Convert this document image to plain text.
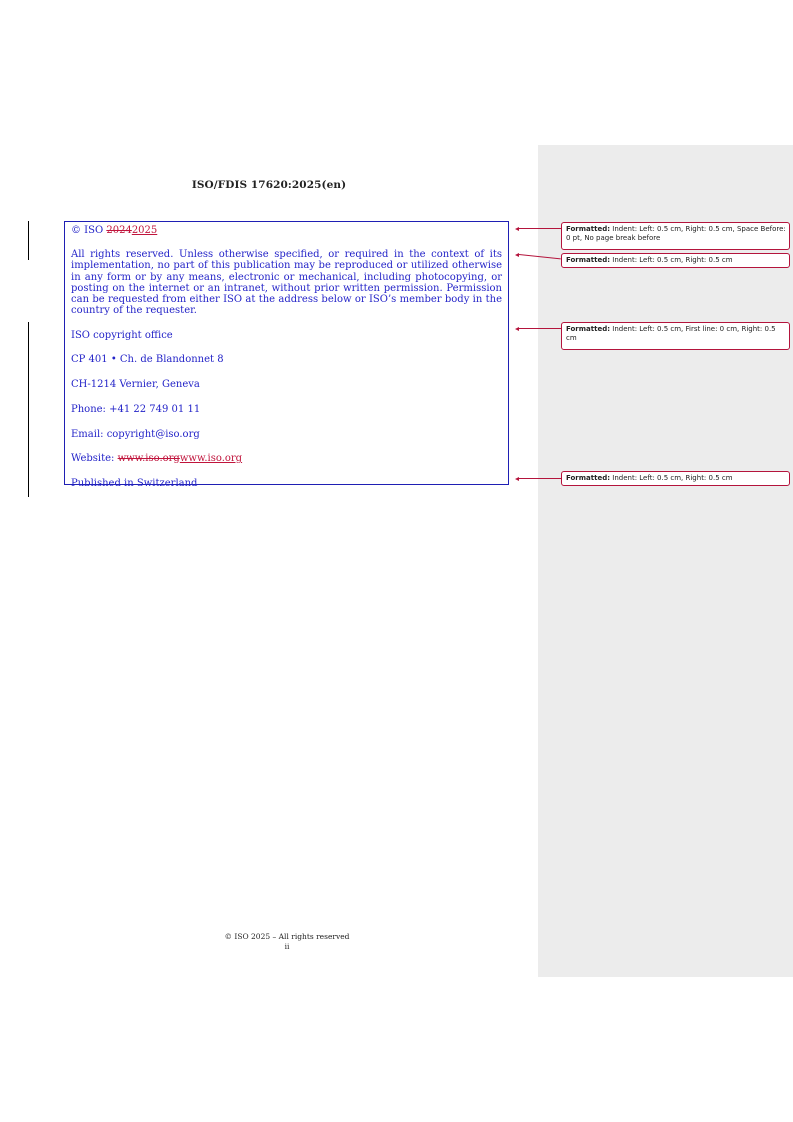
ISO/FDIS 17620:2025(en)

© ISO 20242025

All rights reserved. Unless otherwise specified, or required in the context of its implementation, no part of this publication may be reproduced or utilized otherwise in any form or by any means, electronic or mechanical, including photocopying, or posting on the internet or an intranet, without prior written permission. Permission can be requested from either ISO at the address below or ISO’s member body in the country of the requester.

ISO copyright office

CP 401 • Ch. de Blandonnet 8

CH-1214 Vernier, Geneva

Phone: +41 22 749 01 11

Email: copyright@iso.org

Website: www.iso.orgwww.iso.org

Published in Switzerland

Formatted: Indent: Left: 0.5 cm, Right: 0.5 cm, Space Before: 0 pt, No page break before
Formatted: Indent: Left: 0.5 cm, Right: 0.5 cm
Formatted: Indent: Left: 0.5 cm, First line: 0 cm, Right: 0.5 cm
Formatted: Indent: Left: 0.5 cm, Right: 0.5 cm
© ISO 2025 – All rights reserved
ii
